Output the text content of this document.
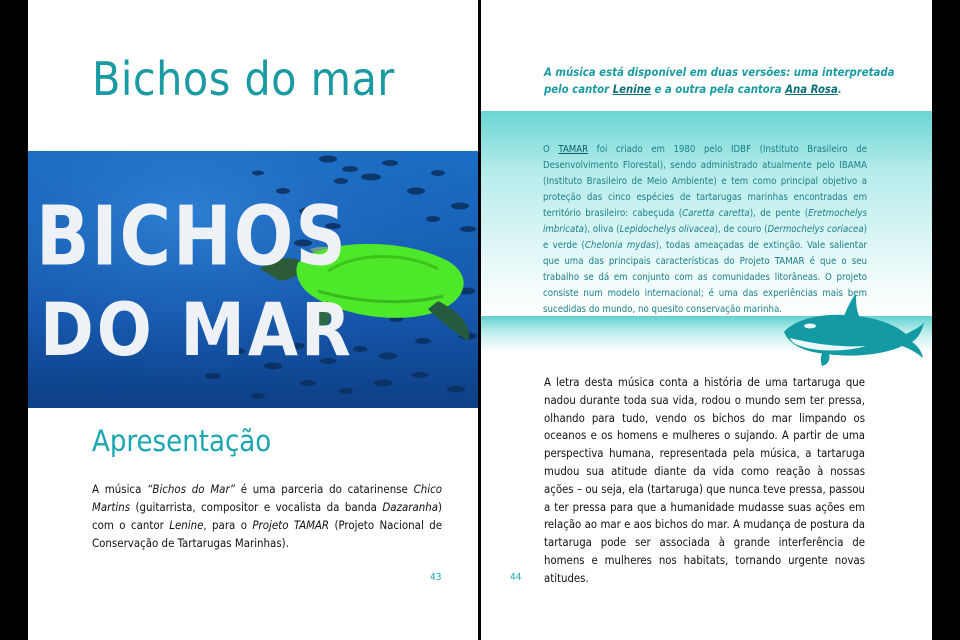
Bichos do mar
BICHOS
DO MAR
Apresentação

A música “Bichos do Mar” é uma parceria do catarinense Chico Martins (guitarrista, compositor e vocalista da banda Dazaranha) com o cantor Lenine, para o Projeto TAMAR (Projeto Nacional de Conservação de Tartarugas Marinhas).

43

A música está disponível em duas versões: uma interpretada pelo cantor Lenine e a outra pela cantora Ana Rosa.

O TAMAR foi criado em 1980 pelo IDBF (Instituto Brasileiro de Desenvolvimento Florestal), sendo administrado atualmente pelo IBAMA (Instituto Brasileiro de Meio Ambiente) e tem como principal objetivo a proteção das cinco espécies de tartarugas marinhas encontradas em território brasileiro: cabeçuda (Caretta caretta), de pente (Eretmochelys imbricata), oliva (Lepidochelys olivacea), de couro (Dermochelys coriacea) e verde (Chelonia mydas), todas ameaçadas de extinção. Vale salientar que uma das principais características do Projeto TAMAR é que o seu trabalho se dá em conjunto com as comunidades litorâneas. O projeto consiste num modelo internacional; é uma das experiências mais bem sucedidas do mundo, no quesito conservação marinha.

A letra desta música conta a história de uma tartaruga que nadou durante toda sua vida, rodou o mundo sem ter pressa, olhando para tudo, vendo os bichos do mar limpando os oceanos e os homens e mulheres o sujando. A partir de uma perspectiva humana, representada pela música, a tartaruga mudou sua atitude diante da vida como reação à nossas ações – ou seja, ela (tartaruga) que nunca teve pressa, passou a ter pressa para que a humanidade mudasse suas ações em relação ao mar e aos bichos do mar. A mudança de postura da tartaruga pode ser associada à grande interferência de homens e mulheres nos habitats, tornando urgente novas atitudes.

44
